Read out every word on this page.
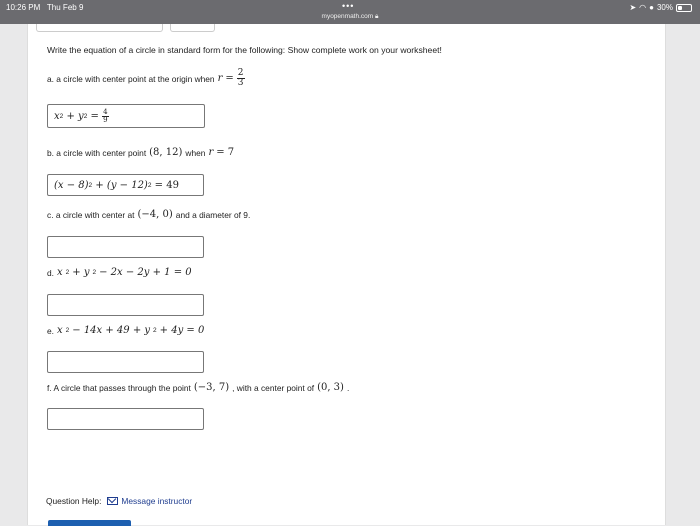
10:26 PM Thu Feb 9	•••
myopenmath.com 🔒︎
➤ ◠ ● 30%
Write the equation of a circle in standard form for the following: Show complete work on your worksheet!
a. a circle with center point at the origin when $r = \frac{2}{3}$
x 2
+
y 2
=
$\frac{4}{9}$
b. a circle with center point (8, 12) when r = 7
(x − 8) 2
+ (y − 12) 2
= 49
c. a circle with center at (−4, 0) and a diameter of 9.
d. x 2 + y 2 − 2x − 2y + 1 = 0
e. x 2 − 14x + 49 + y 2 + 4y = 0
f. A circle that passes through the point (−3, 7) , with a center point of (0, 3) .
Question Help: Message instructor
